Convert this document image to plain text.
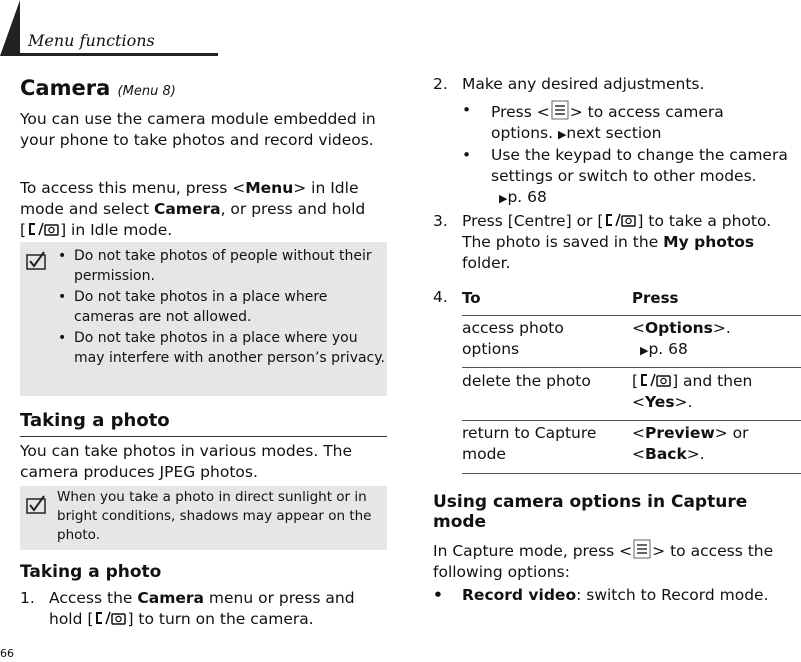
Menu functions
Camera (Menu 8)
You can use the camera module embedded in your phone to take photos and record videos.
To access this menu, press <Menu> in Idle mode and select Camera, or press and hold
[ ] in Idle mode.
• Do not take photos of people without their permission.
• Do not take photos in a place where cameras are not allowed.
• Do not take photos in a place where you may interfere with another person’s privacy.
Taking a photo
You can take photos in various modes. The camera produces JPEG photos.
When you take a photo in direct sunlight or in bright conditions, shadows may appear on the photo.
Taking a photo
1. Access the Camera menu or press and
hold [ ] to turn on the camera.
66
2. Make any desired adjustments.
• Press < > to access camera
options. ▶next section
• Use the keypad to change the camera
settings or switch to other modes.
▶p. 68
3. Press [Centre] or [ ] to take a photo.
The photo is saved in the My photos
folder.
4. To	Press
access photo
options
<Options>.
▶p. 68
delete the photo	[ ] and then
<Yes>.
return to Capture
mode
<Preview> or
<Back>.
Using camera options in Capture
mode
In Capture mode, press < > to access the
following options:
• Record video: switch to Record mode.
